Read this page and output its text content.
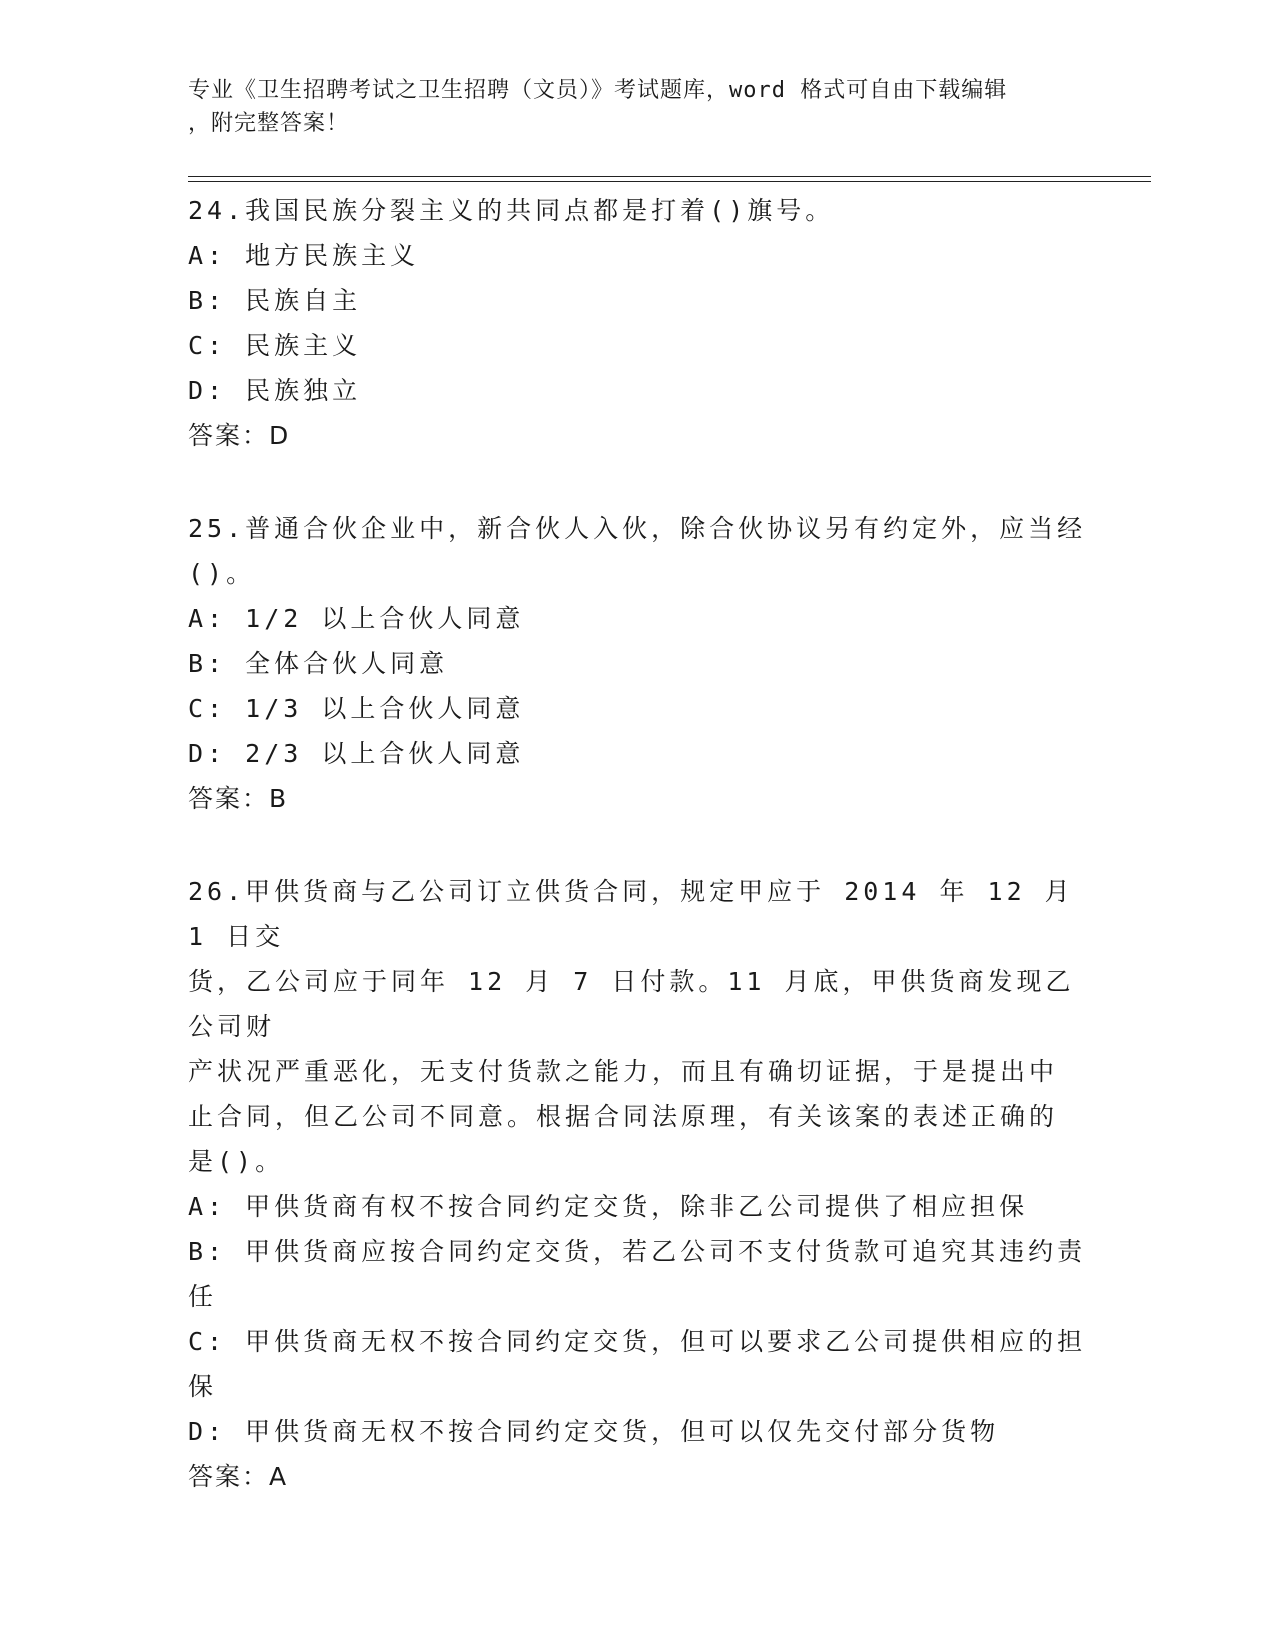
专业《卫生招聘考试之卫生招聘（文员）》考试题库，word 格式可自由下载编辑
，附完整答案！
24.我国民族分裂主义的共同点都是打着()旗号。
A: 地方民族主义
B: 民族自主
C: 民族主义
D: 民族独立
答案：D
25.普通合伙企业中，新合伙人入伙，除合伙协议另有约定外，应当经
()。
A: 1/2 以上合伙人同意
B: 全体合伙人同意
C: 1/3 以上合伙人同意
D: 2/3 以上合伙人同意
答案：B
26.甲供货商与乙公司订立供货合同，规定甲应于 2014 年 12 月 1 日交
货，乙公司应于同年 12 月 7 日付款。11 月底，甲供货商发现乙公司财
产状况严重恶化，无支付货款之能力，而且有确切证据，于是提出中
止合同，但乙公司不同意。根据合同法原理，有关该案的表述正确的
是()。
A: 甲供货商有权不按合同约定交货，除非乙公司提供了相应担保
B: 甲供货商应按合同约定交货，若乙公司不支付货款可追究其违约责
任
C: 甲供货商无权不按合同约定交货，但可以要求乙公司提供相应的担
保
D: 甲供货商无权不按合同约定交货，但可以仅先交付部分货物
答案：A
